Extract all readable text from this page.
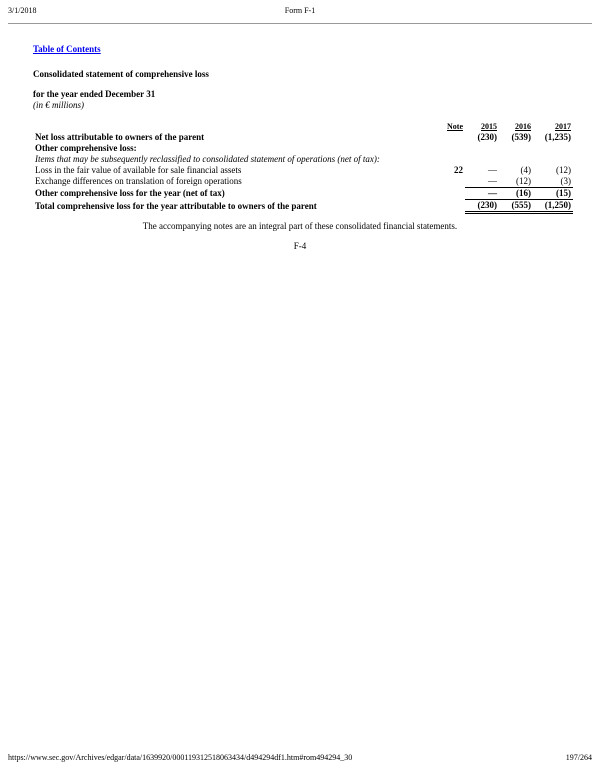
3/1/2018	Form F-1
Table of Contents
Consolidated statement of comprehensive loss
for the year ended December 31
(in € millions)
	Note	2015	2016	2017
Net loss attributable to owners of the parent		(230)	(539)	(1,235)
Other comprehensive loss:				
Items that may be subsequently reclassified to consolidated statement of operations (net of tax):				
Loss in the fair value of available for sale financial assets	22	—	(4)	(12)
Exchange differences on translation of foreign operations		—	(12)	(3)
Other comprehensive loss for the year (net of tax)		—	(16)	(15)
Total comprehensive loss for the year attributable to owners of the parent		(230)	(555)	(1,250)
The accompanying notes are an integral part of these consolidated financial statements.
F-4
https://www.sec.gov/Archives/edgar/data/1639920/000119312518063434/d494294df1.htm#rom494294_30	197/264
